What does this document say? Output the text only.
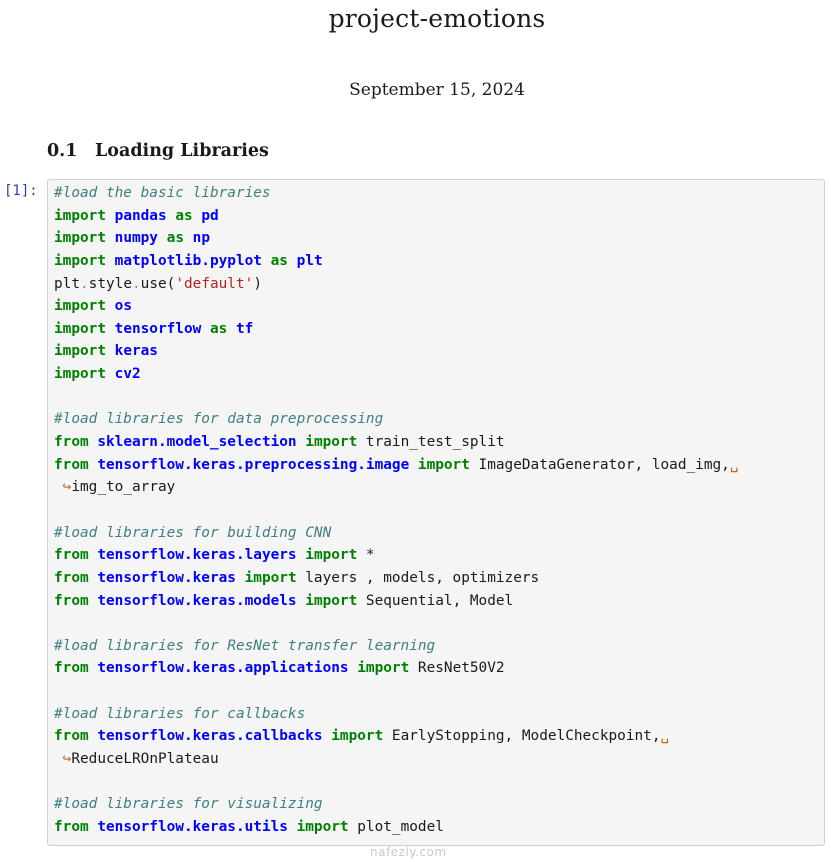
project-emotions
September 15, 2024
0.1 Loading Libraries
[1]: #load the basic libraries
import pandas as pd
import numpy as np
import matplotlib.pyplot as plt
plt.style.use('default')
import os
import tensorflow as tf
import keras
import cv2

#load libraries for data preprocessing
from sklearn.model_selection import train_test_split
from tensorflow.keras.preprocessing.image import ImageDataGenerator, load_img,␣
↪img_to_array

#load libraries for building CNN
from tensorflow.keras.layers import *
from tensorflow.keras import layers , models, optimizers
from tensorflow.keras.models import Sequential, Model

#load libraries for ResNet transfer learning
from tensorflow.keras.applications import ResNet50V2

#load libraries for callbacks
from tensorflow.keras.callbacks import EarlyStopping, ModelCheckpoint,␣
↪ReduceLROnPlateau

#load libraries for visualizing
from tensorflow.keras.utils import plot_model
nafezly.com
